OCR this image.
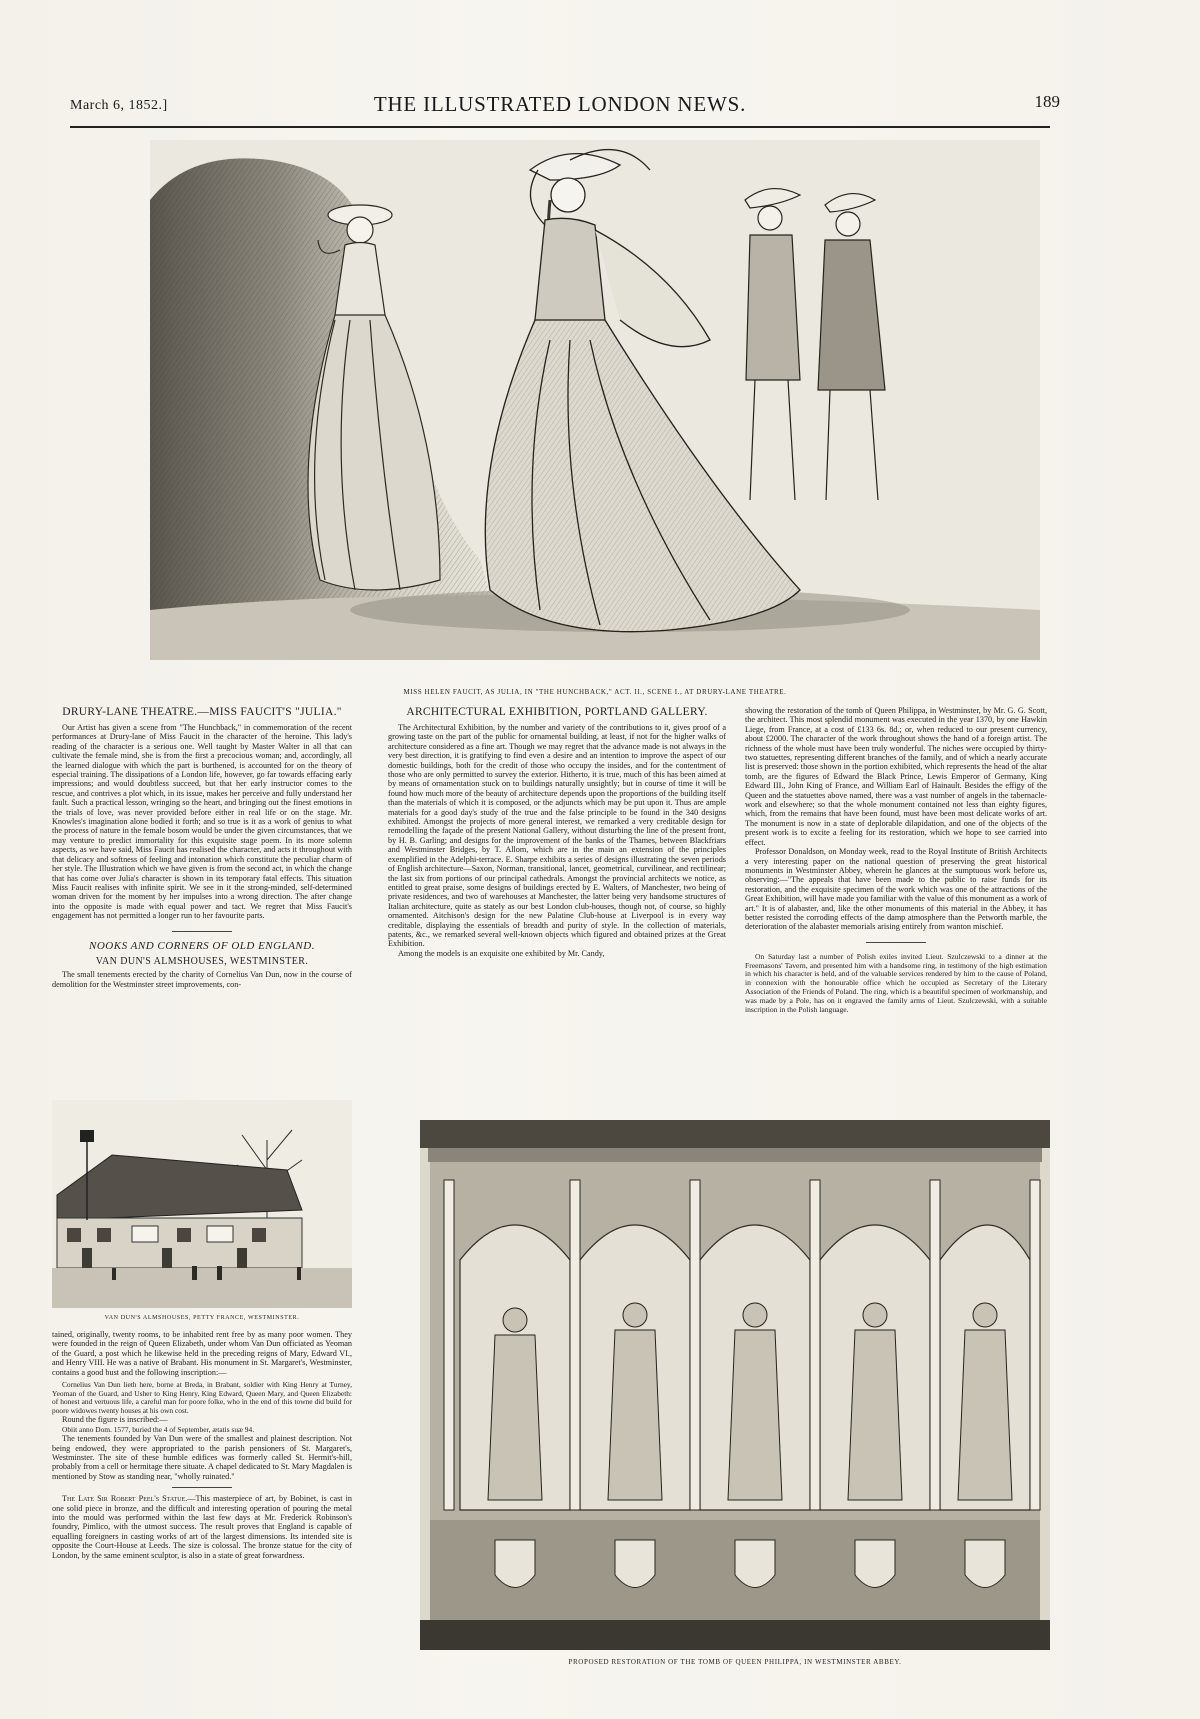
March 6, 1852.]	THE ILLUSTRATED LONDON NEWS.	189
MISS HELEN FAUCIT, AS JULIA, IN "THE HUNCHBACK," ACT. II., SCENE I., AT DRURY-LANE THEATRE.
DRURY-LANE THEATRE.—MISS FAUCIT'S "JULIA."

Our Artist has given a scene from "The Hunchback," in commemoration of the recent performances at Drury-lane of Miss Faucit in the character of the heroine. This lady's reading of the character is a serious one. Well taught by Master Walter in all that can cultivate the female mind, she is from the first a precocious woman; and, accordingly, all the learned dialogue with which the part is burthened, is accounted for on the theory of especial training. The dissipations of a London life, however, go far towards effacing early impressions; and would doubtless succeed, but that her early instructor comes to the rescue, and contrives a plot which, in its issue, makes her perceive and fully understand her fault. Such a practical lesson, wringing so the heart, and bringing out the finest emotions in the trials of love, was never provided before either in real life or on the stage. Mr. Knowles's imagination alone bodied it forth; and so true is it as a work of genius to what the process of nature in the female bosom would be under the given circumstances, that we may venture to predict immortality for this exquisite stage poem. In its more solemn aspects, as we have said, Miss Faucit has realised the character, and acts it throughout with that delicacy and softness of feeling and intonation which constitute the peculiar charm of her style. The Illustration which we have given is from the second act, in which the change that has come over Julia's character is shown in its temporary fatal effects. This situation Miss Faucit realises with infinite spirit. We see in it the strong-minded, self-determined woman driven for the moment by her impulses into a wrong direction. The after change into the opposite is made with equal power and tact. We regret that Miss Faucit's engagement has not permitted a longer run to her favourite parts.

NOOKS AND CORNERS OF OLD ENGLAND.
VAN DUN'S ALMSHOUSES, WESTMINSTER.

The small tenements erected by the charity of Cornelius Van Dun, now in the course of demolition for the Westminster street improvements, con-

VAN DUN'S ALMSHOUSES, PETTY FRANCE, WESTMINSTER.

tained, originally, twenty rooms, to be inhabited rent free by as many poor women. They were founded in the reign of Queen Elizabeth, under whom Van Dun officiated as Yeoman of the Guard, a post which he likewise held in the preceding reigns of Mary, Edward VI., and Henry VIII. He was a native of Brabant. His monument in St. Margaret's, Westminster, contains a good bust and the following inscription:—

Cornelius Van Dun lieth here, borne at Breda, in Brabant, soldier with King Henry at Turney, Yeoman of the Guard, and Usher to King Henry, King Edward, Queen Mary, and Queen Elizabeth: of honest and vertuous life, a careful man for poore folke, who in the end of this towne did build for poore widowes twenty houses at his own cost.

Round the figure is inscribed:—

Obiit anno Dom. 1577, buried the 4 of September, ætatis suæ 94.

The tenements founded by Van Dun were of the smallest and plainest description. Not being endowed, they were appropriated to the parish pensioners of St. Margaret's, Westminster. The site of these humble edifices was formerly called St. Hermit's-hill, probably from a cell or hermitage there situate. A chapel dedicated to St. Mary Magdalen is mentioned by Stow as standing near, "wholly ruinated."

The Late Sir Robert Peel's Statue.—This masterpiece of art, by Bobinet, is cast in one solid piece in bronze, and the difficult and interesting operation of pouring the metal into the mould was performed within the last few days at Mr. Frederick Robinson's foundry, Pimlico, with the utmost success. The result proves that England is capable of equalling foreigners in casting works of art of the largest dimensions. Its intended site is opposite the Court-House at Leeds. The size is colossal. The bronze statue for the city of London, by the same eminent sculptor, is also in a state of great forwardness.

ARCHITECTURAL EXHIBITION, PORTLAND GALLERY.

The Architectural Exhibition, by the number and variety of the contributions to it, gives proof of a growing taste on the part of the public for ornamental building, at least, if not for the higher walks of architecture considered as a fine art. Though we may regret that the advance made is not always in the very best direction, it is gratifying to find even a desire and an intention to improve the aspect of our domestic buildings, both for the credit of those who occupy the insides, and for the contentment of those who are only permitted to survey the exterior. Hitherto, it is true, much of this has been aimed at by means of ornamentation stuck on to buildings naturally unsightly; but in course of time it will be found how much more of the beauty of architecture depends upon the proportions of the building itself than the materials of which it is composed, or the adjuncts which may be put upon it. Thus are ample materials for a good day's study of the true and the false principle to be found in the 340 designs exhibited. Amongst the projects of more general interest, we remarked a very creditable design for remodelling the façade of the present National Gallery, without disturbing the line of the present front, by H. B. Garling; and designs for the improvement of the banks of the Thames, between Blackfriars and Westminster Bridges, by T. Allom, which are in the main an extension of the principles exemplified in the Adelphi-terrace. E. Sharpe exhibits a series of designs illustrating the seven periods of English architecture—Saxon, Norman, transitional, lancet, geometrical, curvilinear, and rectilinear; the last six from portions of our principal cathedrals. Amongst the provincial architects we notice, as entitled to great praise, some designs of buildings erected by E. Walters, of Manchester, two being of private residences, and two of warehouses at Manchester, the latter being very handsome structures of Italian architecture, quite as stately as our best London club-houses, though not, of course, so highly ornamented. Aitchison's design for the new Palatine Club-house at Liverpool is in every way creditable, displaying the essentials of breadth and purity of style. In the collection of materials, patents, &c., we remarked several well-known objects which figured and obtained prizes at the Great Exhibition.

Among the models is an exquisite one exhibited by Mr. Candy,

showing the restoration of the tomb of Queen Philippa, in Westminster, by Mr. G. G. Scott, the architect. This most splendid monument was executed in the year 1370, by one Hawkin Liege, from France, at a cost of £133 6s. 8d.; or, when reduced to our present currency, about £2000. The character of the work throughout shows the hand of a foreign artist. The richness of the whole must have been truly wonderful. The niches were occupied by thirty-two statuettes, representing different branches of the family, and of which a nearly accurate list is preserved: those shown in the portion exhibited, which represents the head of the altar tomb, are the figures of Edward the Black Prince, Lewis Emperor of Germany, King Edward III., John King of France, and William Earl of Hainault. Besides the effigy of the Queen and the statuettes above named, there was a vast number of angels in the tabernacle-work and elsewhere; so that the whole monument contained not less than eighty figures, which, from the remains that have been found, must have been most delicate works of art. The monument is now in a state of deplorable dilapidation, and one of the objects of the present work is to excite a feeling for its restoration, which we hope to see carried into effect.

Professor Donaldson, on Monday week, read to the Royal Institute of British Architects a very interesting paper on the national question of preserving the great historical monuments in Westminster Abbey, wherein he glances at the sumptuous work before us, observing:—"The appeals that have been made to the public to raise funds for its restoration, and the exquisite specimen of the work which was one of the attractions of the Great Exhibition, will have made you familiar with the value of this monument as a work of art." It is of alabaster, and, like the other monuments of this material in the Abbey, it has better resisted the corroding effects of the damp atmosphere than the Petworth marble, the deterioration of the alabaster memorials arising entirely from wanton mischief.

On Saturday last a number of Polish exiles invited Lieut. Szulczewski to a dinner at the Freemasons' Tavern, and presented him with a handsome ring, in testimony of the high estimation in which his character is held, and of the valuable services rendered by him to the cause of Poland, in connexion with the honourable office which he occupied as Secretary of the Literary Association of the Friends of Poland. The ring, which is a beautiful specimen of workmanship, and was made by a Pole, has on it engraved the family arms of Lieut. Szulczewski, with a suitable inscription in the Polish language.

PROPOSED RESTORATION OF THE TOMB OF QUEEN PHILIPPA, IN WESTMINSTER ABBEY.
